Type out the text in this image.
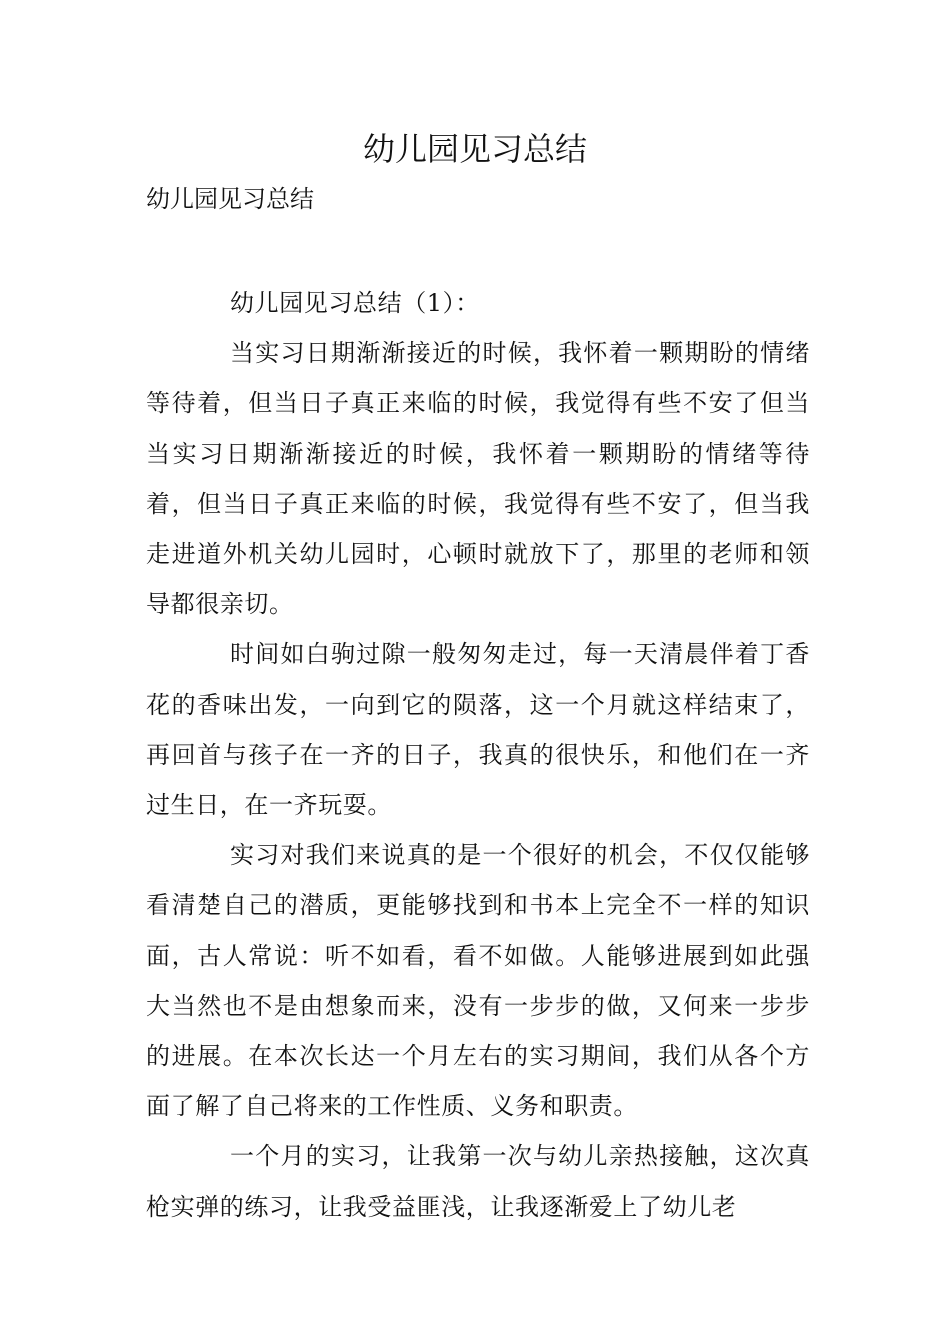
幼儿园见习总结

幼儿园见习总结

幼儿园见习总结（1）：

当实习日期渐渐接近的时候，我怀着一颗期盼的情绪等待着，但当日子真正来临的时候，我觉得有些不安了但当当实习日期渐渐接近的时候，我怀着一颗期盼的情绪等待着，但当日子真正来临的时候，我觉得有些不安了，但当我走进道外机关幼儿园时，心顿时就放下了，那里的老师和领导都很亲切。

时间如白驹过隙一般匆匆走过，每一天清晨伴着丁香花的香味出发，一向到它的陨落，这一个月就这样结束了，再回首与孩子在一齐的日子，我真的很快乐，和他们在一齐过生日，在一齐玩耍。

实习对我们来说真的是一个很好的机会，不仅仅能够看清楚自己的潜质，更能够找到和书本上完全不一样的知识面，古人常说：听不如看，看不如做。人能够进展到如此强大当然也不是由想象而来，没有一步步的做，又何来一步步的进展。在本次长达一个月左右的实习期间，我们从各个方面了解了自己将来的工作性质、义务和职责。

一个月的实习，让我第一次与幼儿亲热接触，这次真枪实弹的练习，让我受益匪浅，让我逐渐爱上了幼儿老
